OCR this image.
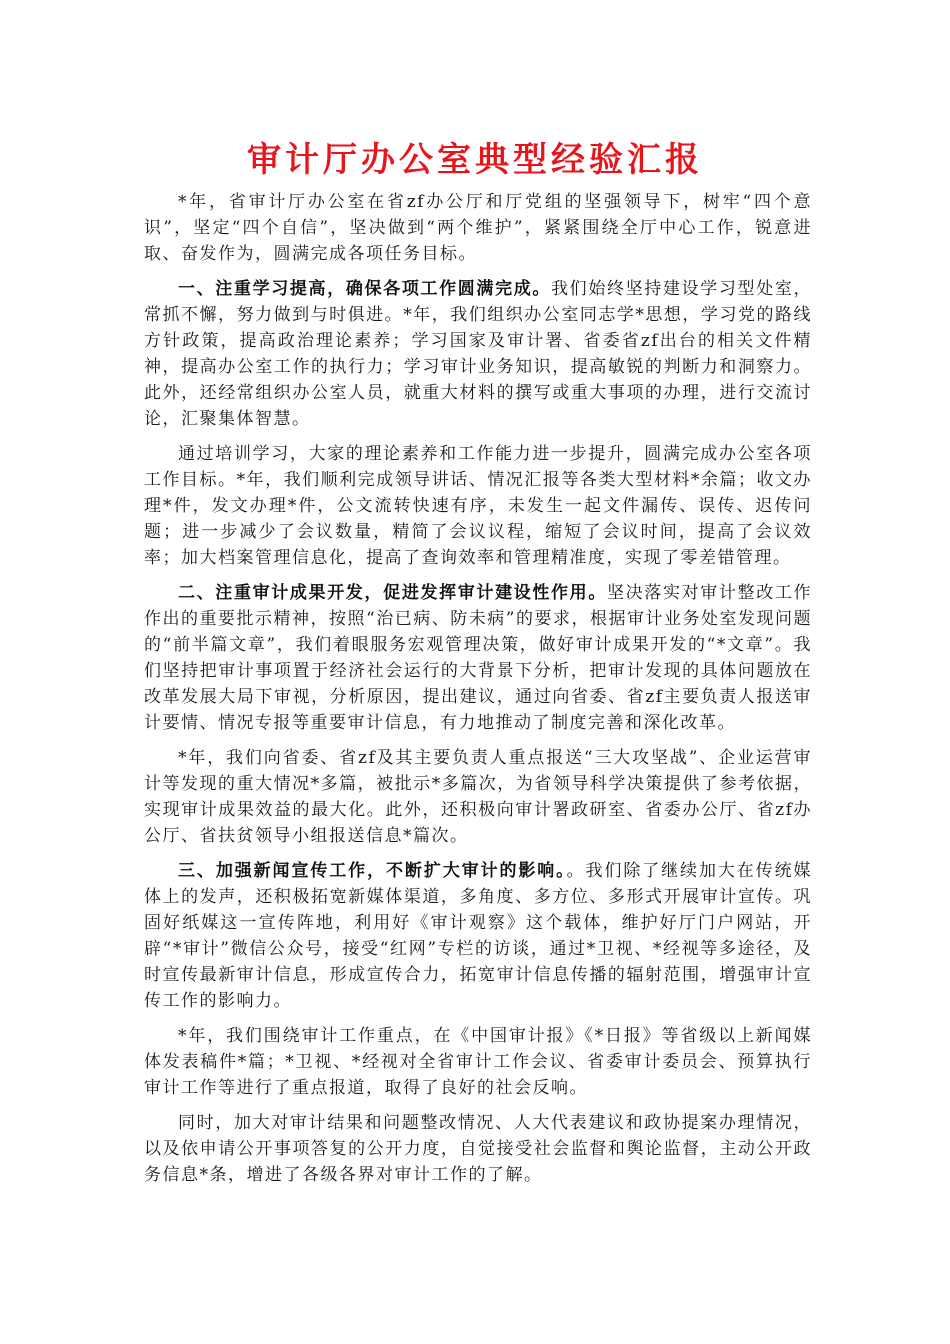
审计厅办公室典型经验汇报

*年，省审计厅办公室在省zf办公厅和厅党组的坚强领导下，树牢“四个意识”，坚定“四个自信”，坚决做到“两个维护”，紧紧围绕全厅中心工作，锐意进取、奋发作为，圆满完成各项任务目标。

一、注重学习提高，确保各项工作圆满完成。我们始终坚持建设学习型处室，常抓不懈，努力做到与时俱进。*年，我们组织办公室同志学*思想，学习党的路线方针政策，提高政治理论素养；学习国家及审计署、省委省zf出台的相关文件精神，提高办公室工作的执行力；学习审计业务知识，提高敏锐的判断力和洞察力。此外，还经常组织办公室人员，就重大材料的撰写或重大事项的办理，进行交流讨论，汇聚集体智慧。

通过培训学习，大家的理论素养和工作能力进一步提升，圆满完成办公室各项工作目标。*年，我们顺利完成领导讲话、情况汇报等各类大型材料*余篇；收文办理*件，发文办理*件，公文流转快速有序，未发生一起文件漏传、误传、迟传问题；进一步减少了会议数量，精简了会议议程，缩短了会议时间，提高了会议效率；加大档案管理信息化，提高了查询效率和管理精准度，实现了零差错管理。

二、注重审计成果开发，促进发挥审计建设性作用。坚决落实对审计整改工作作出的重要批示精神，按照“治已病、防未病”的要求，根据审计业务处室发现问题的“前半篇文章”，我们着眼服务宏观管理决策，做好审计成果开发的“*文章”。我们坚持把审计事项置于经济社会运行的大背景下分析，把审计发现的具体问题放在改革发展大局下审视，分析原因，提出建议，通过向省委、省zf主要负责人报送审计要情、情况专报等重要审计信息，有力地推动了制度完善和深化改革。

*年，我们向省委、省zf及其主要负责人重点报送“三大攻坚战”、企业运营审计等发现的重大情况*多篇，被批示*多篇次，为省领导科学决策提供了参考依据，实现审计成果效益的最大化。此外，还积极向审计署政研室、省委办公厅、省zf办公厅、省扶贫领导小组报送信息*篇次。

三、加强新闻宣传工作，不断扩大审计的影响。。我们除了继续加大在传统媒体上的发声，还积极拓宽新媒体渠道，多角度、多方位、多形式开展审计宣传。巩固好纸媒这一宣传阵地，利用好《审计观察》这个载体，维护好厅门户网站，开辟“*审计”微信公众号，接受“红网”专栏的访谈，通过*卫视、*经视等多途径，及时宣传最新审计信息，形成宣传合力，拓宽审计信息传播的辐射范围，增强审计宣传工作的影响力。

*年，我们围绕审计工作重点，在《中国审计报》《*日报》等省级以上新闻媒体发表稿件*篇；*卫视、*经视对全省审计工作会议、省委审计委员会、预算执行审计工作等进行了重点报道，取得了良好的社会反响。

同时，加大对审计结果和问题整改情况、人大代表建议和政协提案办理情况，以及依申请公开事项答复的公开力度，自觉接受社会监督和舆论监督，主动公开政务信息*条，增进了各级各界对审计工作的了解。
